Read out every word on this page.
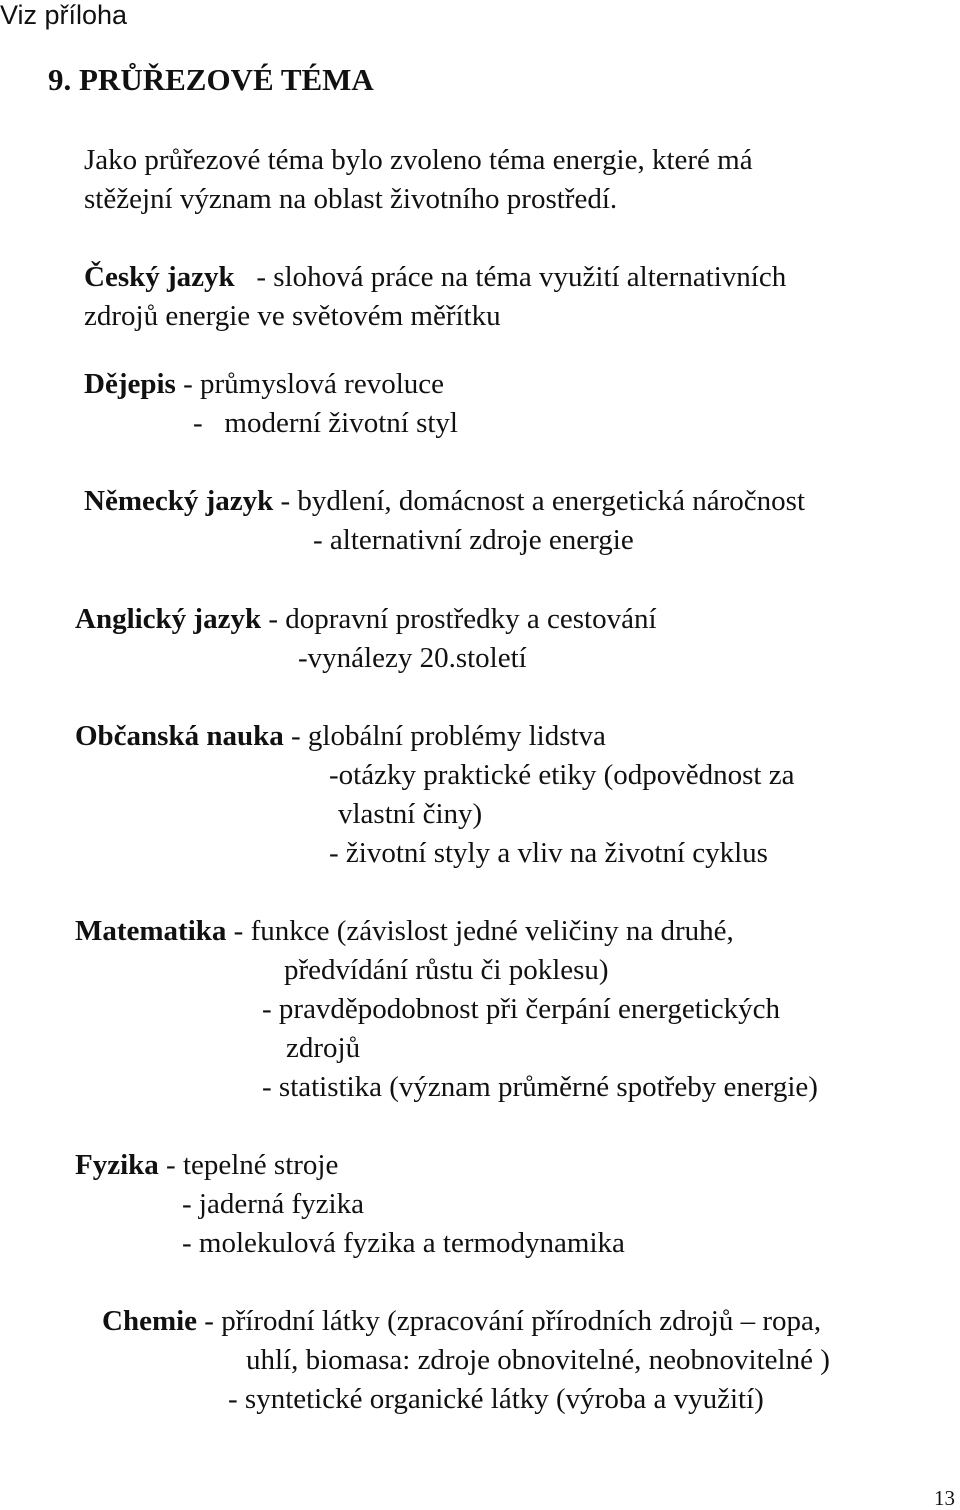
Viz příloha
9. PRŮŘEZOVÉ TÉMA
Jako průřezové téma bylo zvoleno téma energie, které má
stěžejní význam na oblast životního prostředí.
Český jazyk   - slohová práce na téma využití alternativních
zdrojů energie ve světovém měřítku
Dějepis - průmyslová revoluce
-   moderní životní styl
Německý jazyk - bydlení, domácnost a energetická náročnost
- alternativní zdroje energie
Anglický jazyk - dopravní prostředky a cestování
-vynálezy 20.století
Občanská nauka - globální problémy lidstva
-otázky praktické etiky (odpovědnost za
vlastní činy)
- životní styly a vliv na životní cyklus
Matematika - funkce (závislost jedné veličiny na druhé,
předvídání růstu či poklesu)
- pravděpodobnost při čerpání energetických
zdrojů
- statistika (význam průměrné spotřeby energie)
Fyzika - tepelné stroje
- jaderná fyzika
- molekulová fyzika a termodynamika
Chemie - přírodní látky (zpracování přírodních zdrojů – ropa,
uhlí, biomasa: zdroje obnovitelné, neobnovitelné )
- syntetické organické látky (výroba a využití)
13
